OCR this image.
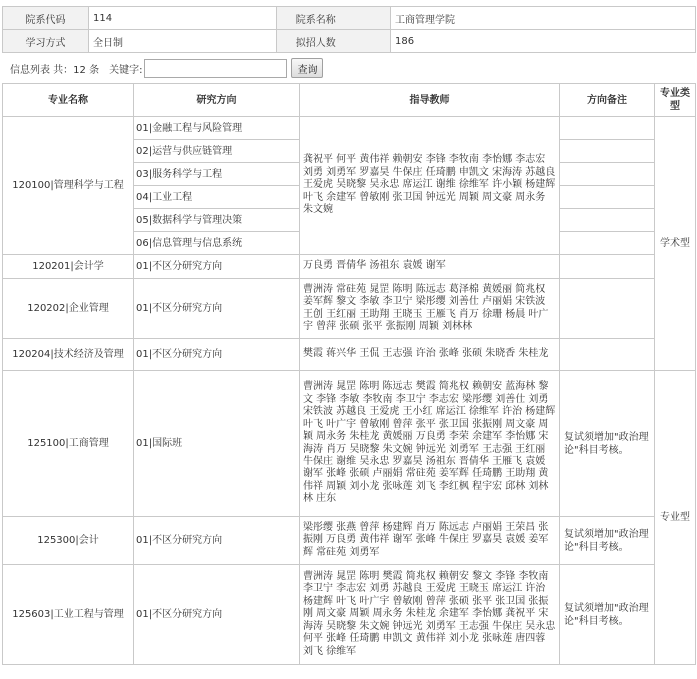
院系代码	114	院系名称		工商管理学院
学习方式	全日制	拟招人数		186
信息列表 共：12 条 关键字:	查询
专业名称	研究方向	指导教师	方向备注	专业类型
120100|管理科学与工程	01|金融工程与风险管理	龚祝平 何平 黄伟祥 赖朝安 李锋 李牧南 李怡娜 李志宏 刘勇 刘勇军 罗嘉昊 牛保庄 任琦鹏 申凯文 宋海涛 苏越良 王爱虎 吴晓黎 吴永忠 席运江 谢维 徐维军 许小颖 杨建辉 叶飞 余建军 曾敏刚 张卫国 钟远光 周颖 周文豪 周永务 朱文婉		学术型
	02|运营与供应链管理			
	03|服务科学与工程			
	04|工业工程			
	05|数据科学与管理决策			
	06|信息管理与信息系统			
120201|会计学	01|不区分研究方向	万良勇 晋倩华 汤祖东 袁媛 谢军		
120202|企业管理	01|不区分研究方向	曹洲涛 常砫苑 晁罡 陈明 陈远志 葛泽棉 黄媛丽 简兆权 姜军辉 黎文 李敏 李卫宁 梁彤缨 刘善仕 卢丽娟 宋铁波 王创 王红丽 王助翔 王晓玉 王雁飞 肖万 徐珊 杨晨 叶广宇 曾萍 张硕 张平 张振刚 周颖 刘林林		
120204|技术经济及管理	01|不区分研究方向	樊霞 蒋兴华 王侃 王志强 许治 张峰 张硕 朱晓香 朱桂龙		
125100|工商管理	01|国际班	曹洲涛 晁罡 陈明 陈远志 樊霞 简兆权 赖朝安 蓝海林 黎文 李锋 李敏 李牧南 李卫宁 李志宏 梁彤缨 刘善仕 刘勇 宋铁波 苏越良 王爱虎 王小红 席运江 徐维军 许治 杨建辉 叶飞 叶广宇 曾敏刚 曾萍 张平 张卫国 张振刚 周文豪 周颖 周永务 朱桂龙 黄媛丽 万良勇 李荣 余建军 李怡娜 宋海涛 肖万 吴晓黎 朱文婉 钟远光 刘勇军 王志强 王红丽 牛保庄 谢维 吴永忠 罗嘉昊 汤祖东 晋倩华 王雁飞 袁媛 谢军 张峰 张硕 卢丽娟 常砫苑 姜军辉 任琦鹏 王助翔 黄伟祥 周颖 刘小龙 张咏莲 刘飞 李红枫 程宇宏 邱林 刘林林 庄东	复试须增加"政治理论"科目考核。	专业型
125300|会计	01|不区分研究方向	梁彤缨 张燕 曾萍 杨建辉 肖万 陈远志 卢丽娟 王荣昌 张振刚 万良勇 黄伟祥 谢军 张峰 牛保庄 罗嘉昊 袁媛 姜军辉 常砫苑 刘勇军	复试须增加"政治理论"科目考核。	
125603|工业工程与管理	01|不区分研究方向	曹洲涛 晁罡 陈明 樊霞 简兆权 赖朝安 黎文 李锋 李牧南 李卫宁 李志宏 刘勇 苏越良 王爱虎 王晓玉 席运江 许治 杨建辉 叶飞 叶广宇 曾敏刚 曾萍 张硕 张平 张卫国 张振刚 周文豪 周颖 周永务 朱桂龙 余建军 李怡娜 龚祝平 宋海涛 吴晓黎 朱文婉 钟远光 刘勇军 王志强 牛保庄 吴永忠 何平 张峰 任琦鹏 申凯文 黄伟祥 刘小龙 张咏莲 唐四蓉 刘飞 徐维军	复试须增加"政治理论"科目考核。	
